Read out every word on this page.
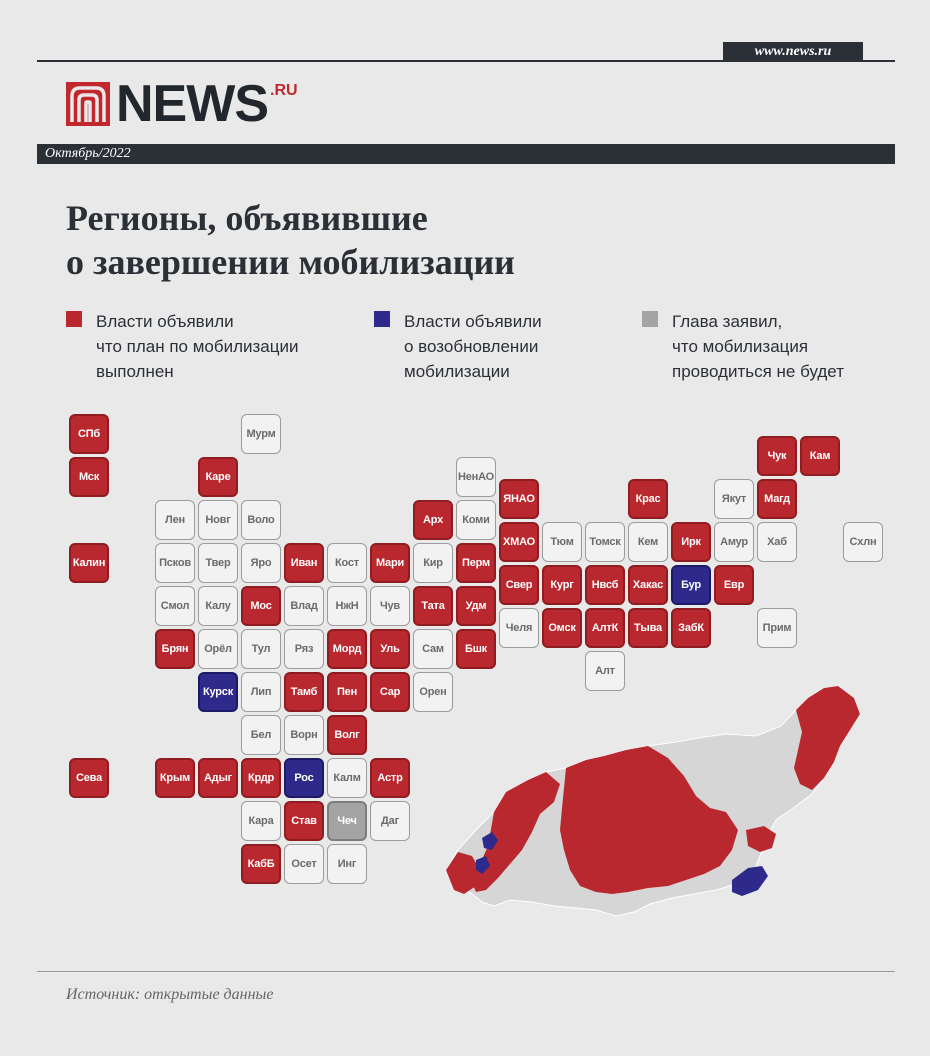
www.news.ru
NEWS .RU
Октябрь/2022
Регионы, объявившие
о завершении мобилизации
Власти объявили
что план по мобилизации
выполнен
Власти объявили
о возобновлении
мобилизации
Глава заявил,
что мобилизация
проводиться не будет
СПб	Мурм
Чук	Кам
Мск	Каре	НенАО
ЯНАО	Крас	Якут	Магд
Лен	Новг	Воло	Арх	Коми
ХМАО	Тюм	Томск	Кем	Ирк	Амур	Хаб	Схлн
Калин	Псков	Твер	Яро	Иван	Кост	Мари	Кир	Перм
Свер	Кург	Нвсб	Хакас	Бур	Евр
Смол	Калу	Мос	Влад	НжН	Чув	Тата	Удм
Челя	Омск	АлтК	Тыва	ЗабК	Прим
Брян	Орёл	Тул	Ряз	Морд	Уль	Сам	Бшк
Алт
Курск	Лип	Тамб	Пен	Сар	Орен
Бел	Ворн	Волг
Сева	Крым	Адыг	Крдр	Рос	Калм	Астр
Кара	Став	Чеч	Даг
КабБ	Осет	Инг
Источник: открытые данные
